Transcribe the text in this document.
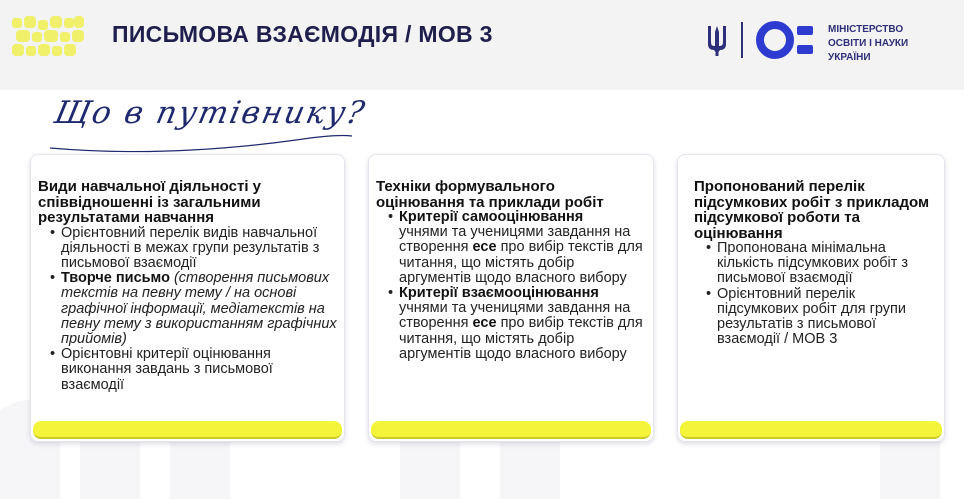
ПИСЬМОВА ВЗАЄМОДІЯ / МОВ 3	МІНІСТЕРСТВО
ОСВІТИ І НАУКИ
УКРАЇНИ
Що в путівнику?
Види навчальної діяльності у співвідношенні із загальними результатами навчання
• Орієнтовний перелік видів навчальної діяльності в межах групи результатів з письмової взаємодії
• Творче письмо (створення письмових текстів на певну тему / на основі графічної інформації, медіатекстів на певну тему з використанням графічних прийомів)
• Орієнтовні критерії оцінювання виконання завдань з письмової взаємодії
Техніки формувального оцінювання та приклади робіт
• Критерії самооцінювання
учнями та ученицями завдання на створення есе про вибір текстів для читання, що містять добір аргументів щодо власного вибору
• Критерії взаємооцінювання
учнями та ученицями завдання на створення есе про вибір текстів для читання, що містять добір аргументів щодо власного вибору
Пропонований перелік підсумкових робіт з прикладом підсумкової роботи та оцінювання
• Пропонована мінімальна кількість підсумкових робіт з письмової взаємодії
• Орієнтовний перелік підсумкових робіт для групи результатів з письмової взаємодії / МОВ 3
